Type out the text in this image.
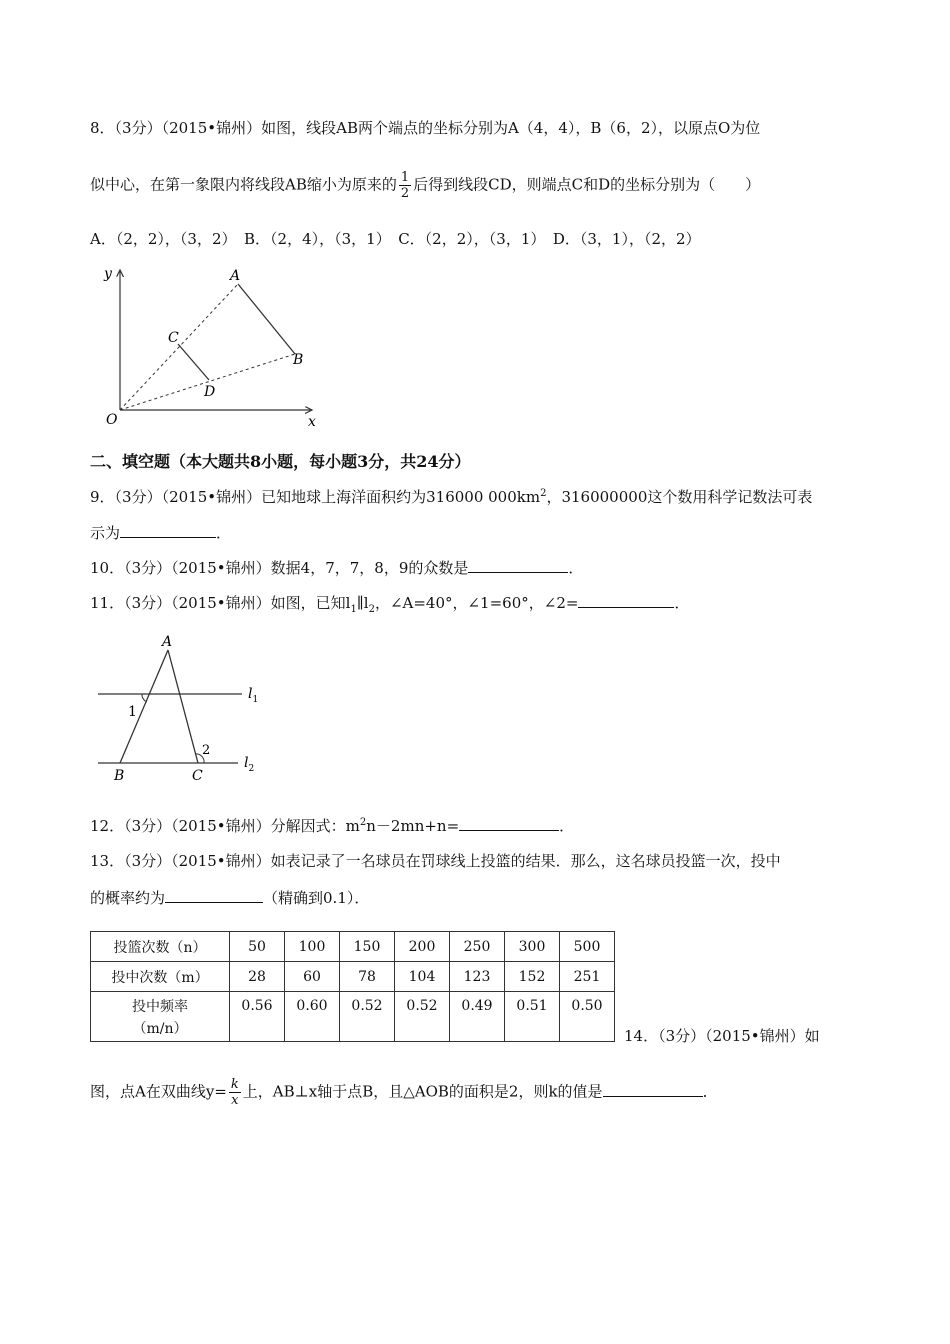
8．（3分）（2015•锦州）如图，线段AB两个端点的坐标分别为A（4，4），B（6，2），以原点O为位
似中心，在第一象限内将线段AB缩小为原来的 $\frac{1}{2}$ 后得到线段CD，则端点C和D的坐标分别为（　　）
A．（2，2），（3，2）　B．（2，4），（3，1）　C．（2，2），（3，1）　D．（3，1），（2，2）
y
x
O
A
B
C
D
二、填空题（本大题共8小题，每小题3分，共24分）
9．（3分）（2015•锦州）已知地球上海洋面积约为316000 $000km^2$，316000000这个数用科学记数法可表
示为	．
10．（3分）（2015•锦州）数据4，7，7，8，9的众数是	．
11．（3分）（2015•锦州）如图，已知$l_1\parallel l_2$，∠A=40°，∠1=60°，∠2=	．
A
B	C
1
2
$l_1$
$l_2$
12．（3分）（2015•锦州）分解因式：$m^2n-2mn+n=$	．
13．（3分）（2015•锦州）如表记录了一名球员在罚球线上投篮的结果．那么，这名球员投篮一次，投中
的概率约为	（精确到0.1）．
投篮次数（n）	50	100	150	200	250	300	500
投中次数（m）	28	60	78	104	123	152	251
投中频率
（m/n）	0.56	0.60	0.52	0.52	0.49	0.51	0.50
14．（3分）（2015•锦州）如
图，点A在双曲线$y= \frac{k}{x}$ 上，AB⊥x轴于点B，且△AOB的面积是2，则k的值是	．
